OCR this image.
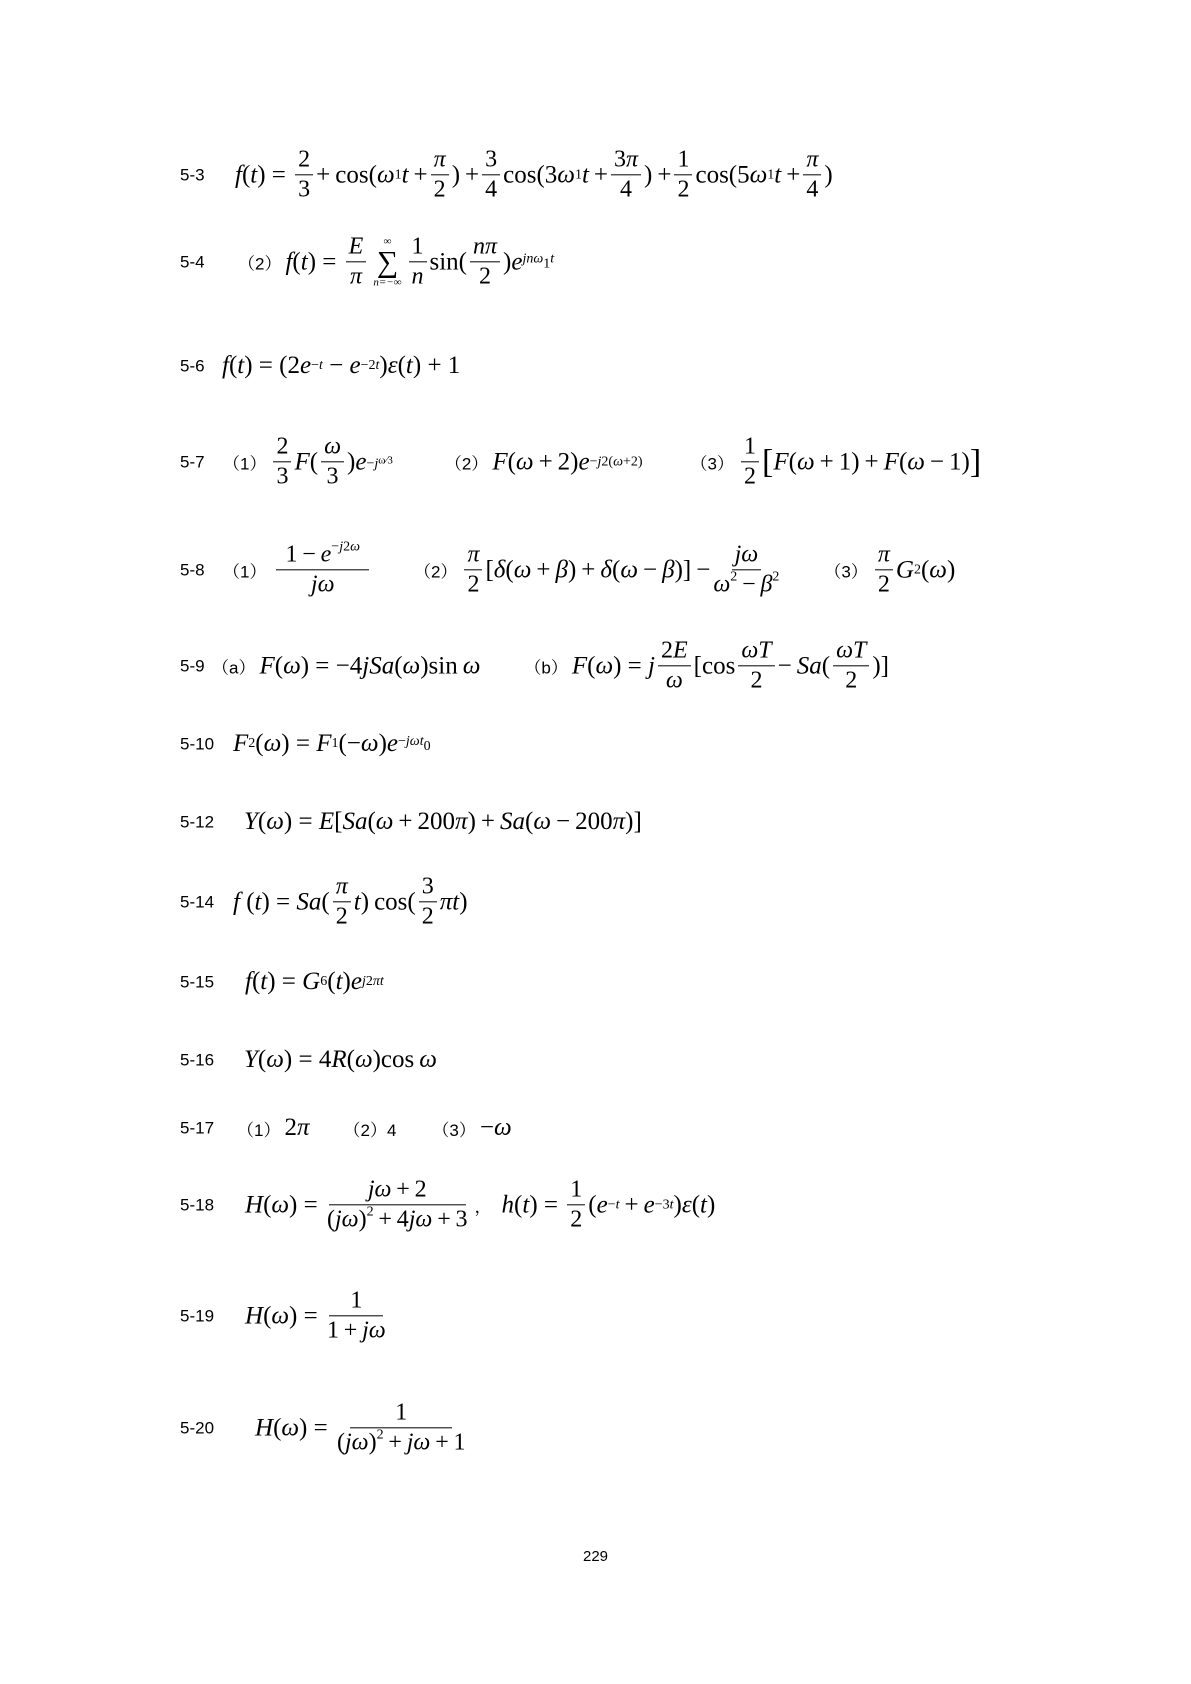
5-3 f ( t ) = $\frac{2}{3} + \cos$( ω 1 $t + \frac{\pi}{2}$ ) + $\frac{3}{4} \cos(3$ ω 1 $t + \frac{3\pi}{4}$ ) + $\frac{1}{2} \cos(5$ ω 1 $t + \frac{\pi}{4}$ )
5-4 （2） f ( t ) = $\frac{E}{\pi}$ ∞
∑
$n=-\infty \frac{1}{n} \sin( \frac{n\pi}{2}$ ) e jnω$_1$t
5-6 f ( t ) = (2 e −t − e −2t ) ε ( t ) + 1
5-7 $(1) \frac{2}{3}$ F ( $\frac{\omega}{3}$ ) e −jω⁄3	（2） F ( ω  + 2) e −j2(ω+2)	$(3) \frac{1}{2}$ [ F ( ω  + 1) +  F ( ω  − 1) ]
5-8 $(1) \frac{1 - e^{-j2\omega}}{j\omega}$	$(2) \frac{\pi}{2}$ [ δ ( ω  +  β ) +  δ ( ω  −  β )] − $\frac{j\omega}{\omega^2 - \beta^2}$	$(3) \frac{\pi}{2}$ G 2 ( ω )
5-9 （a） F ( ω ) = −4 jSa ( ω )sin  ω	（b） F ( ω ) = j $\frac{2E}{\omega} [\cos \frac{\omega T}{2} - Sa$ ( $\frac{\omega T}{2}$ )]
5-10 F 2 ( ω ) = F 1 (− ω ) e −jωt$_0$
5-12 Y ( ω ) = E [ Sa ( ω  + 200 π ) +  Sa ( ω  − 200 π )]
5-14 f ( t ) = Sa ( $\frac{\pi}{2}$ t ) $\cos( \frac{3}{2}$ πt )
5-15 f ( t ) = G 6 ( t ) e j2πt
5-16 Y ( ω ) = 4 R ( ω )cos  ω
5-17 （1） 2 π （2）4 （3） − ω
5-18 H ( ω ) = $\frac{j\omega + 2}{(j\omega)^2 + 4j\omega + 3}$ ， h ( t ) = $\frac{1}{2}$ ( e −t  +  e −3t ) ε ( t )
5-19 H ( ω ) = $\frac{1}{1 + j\omega}$
5-20 H ( ω ) = $\frac{1}{(j\omega)^2 + j\omega + 1}$
229
